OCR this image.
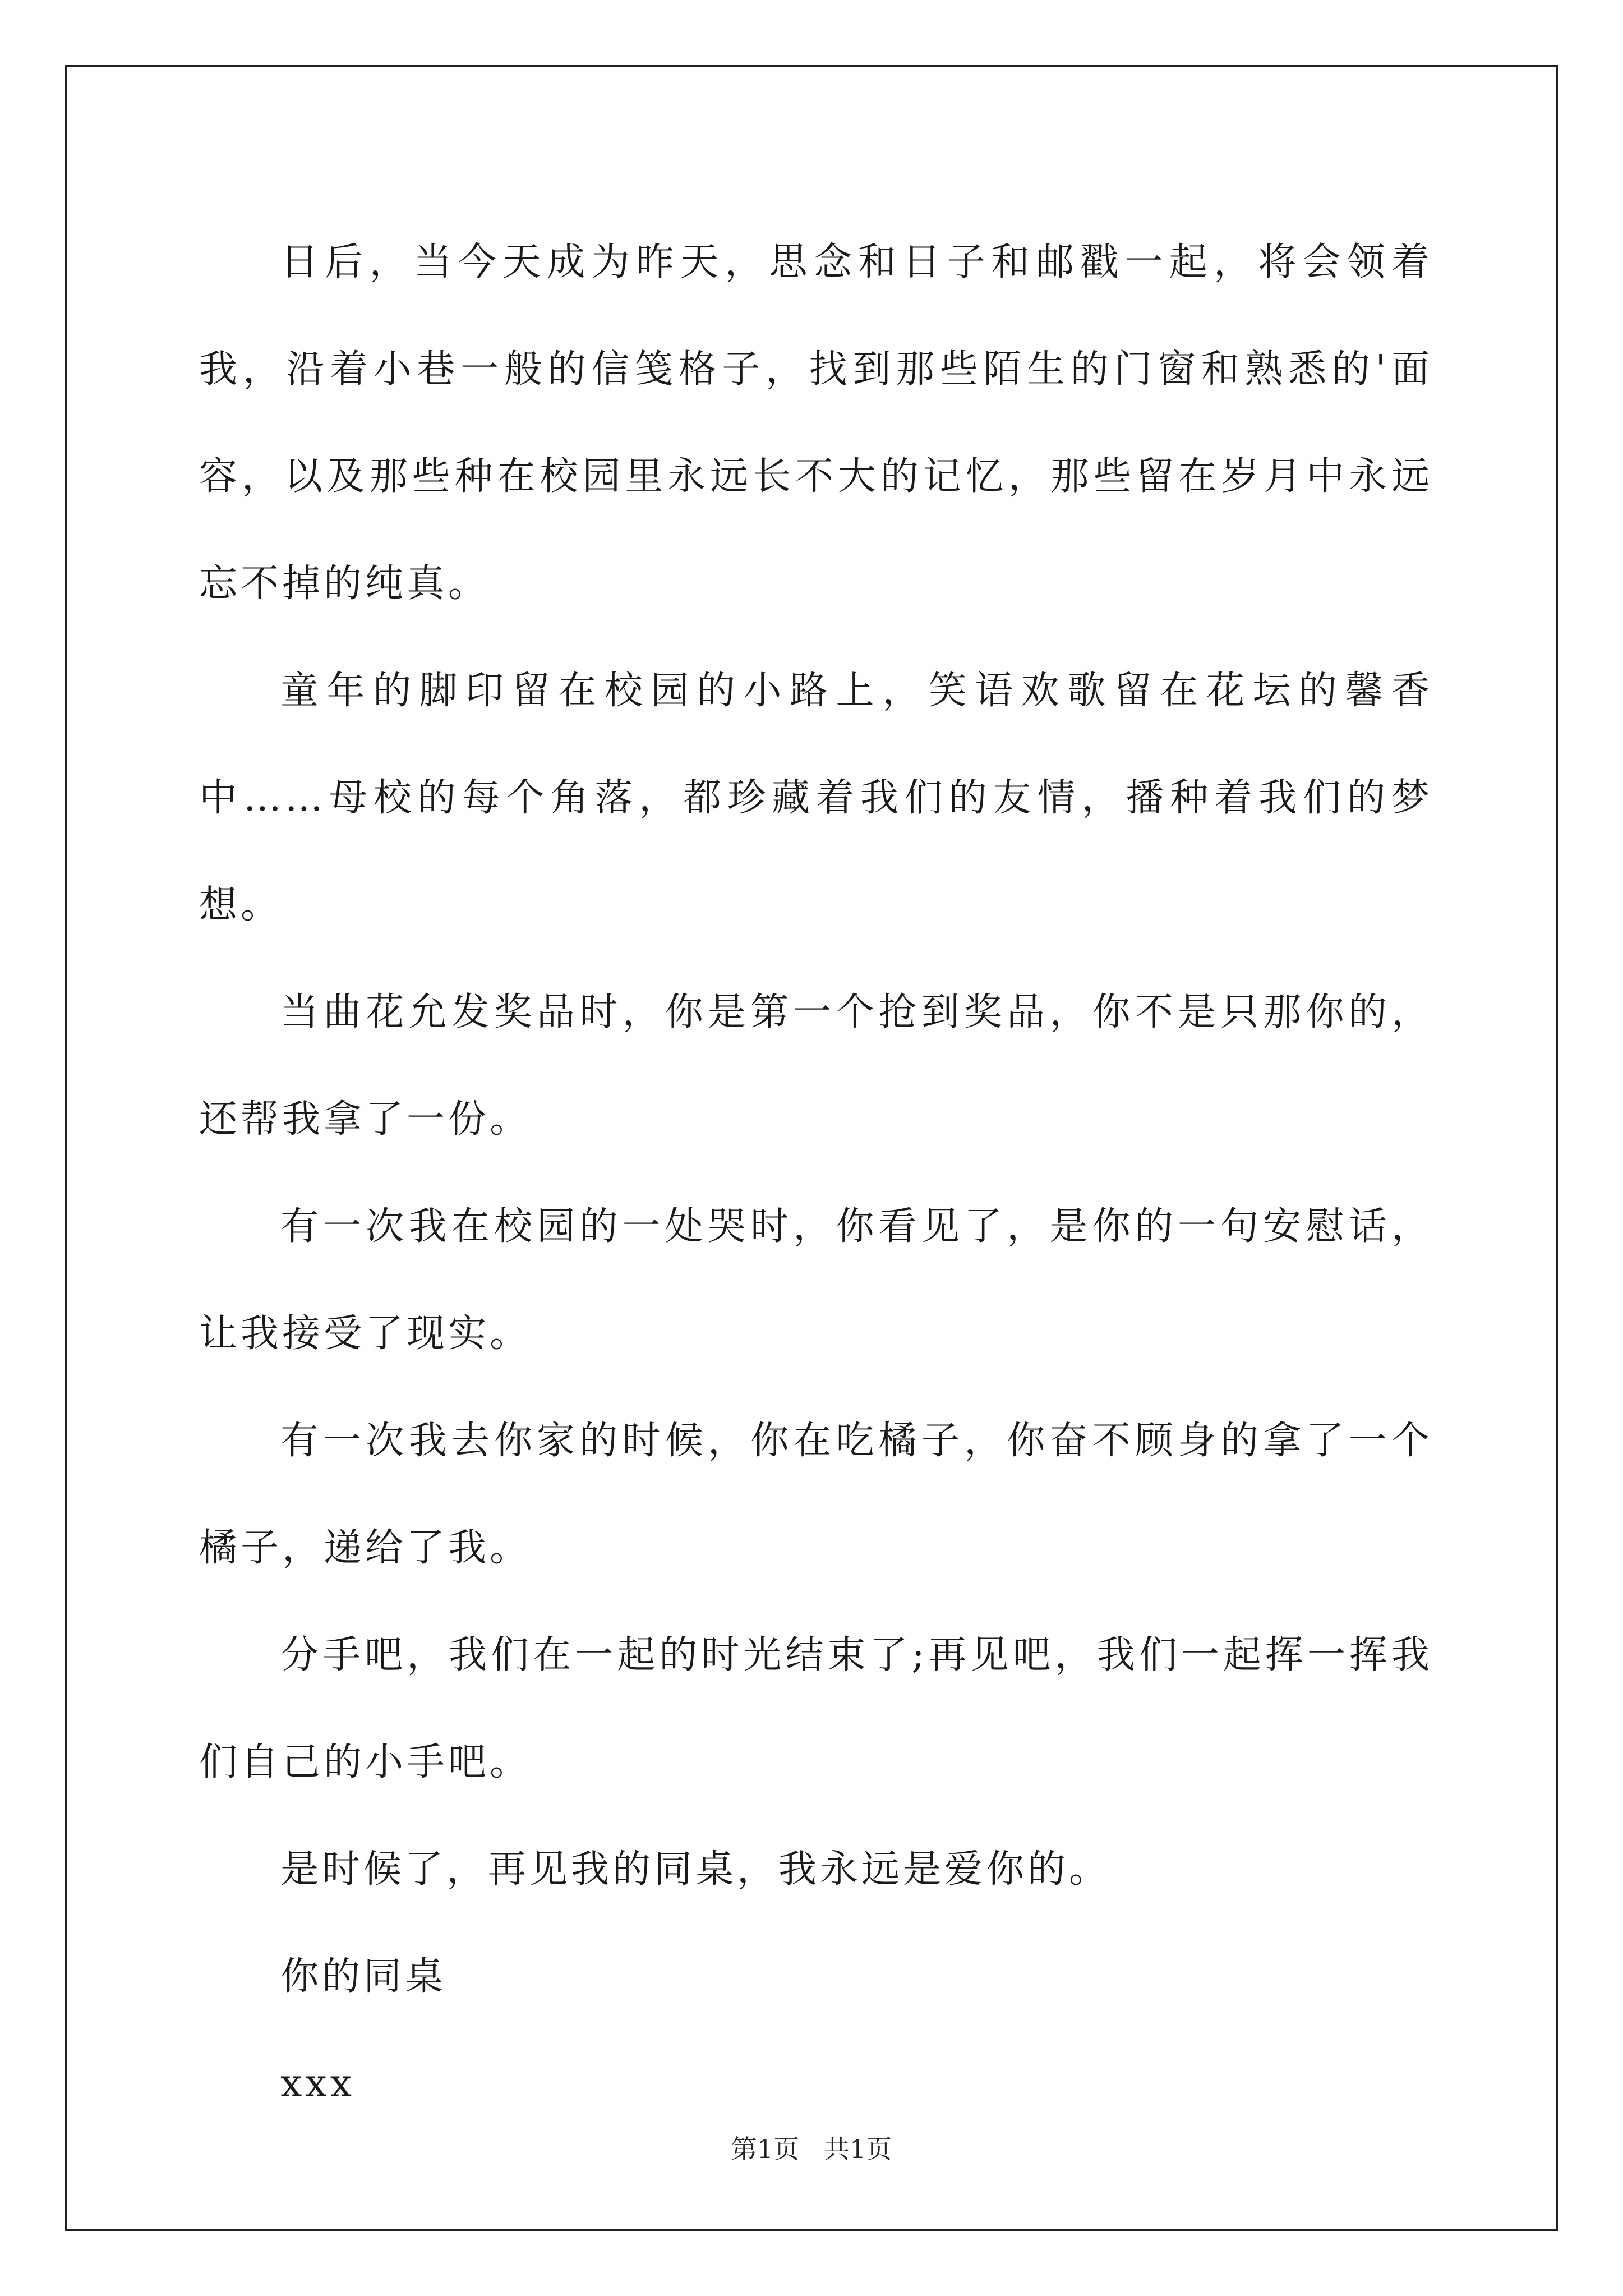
日后，当今天成为昨天，思念和日子和邮戳一起，将会领着我，沿着小巷一般的信笺格子，找到那些陌生的门窗和熟悉的'面容，以及那些种在校园里永远长不大的记忆，那些留在岁月中永远忘不掉的纯真。

童年的脚印留在校园的小路上，笑语欢歌留在花坛的馨香中……母校的每个角落，都珍藏着我们的友情，播种着我们的梦想。

当曲花允发奖品时，你是第一个抢到奖品，你不是只那你的，还帮我拿了一份。

有一次我在校园的一处哭时，你看见了，是你的一句安慰话，让我接受了现实。

有一次我去你家的时候，你在吃橘子，你奋不顾身的拿了一个橘子，递给了我。

分手吧，我们在一起的时光结束了;再见吧，我们一起挥一挥我们自己的小手吧。

是时候了，再见我的同桌，我永远是爱你的。

你的同桌

xxx

第1页   共1页
